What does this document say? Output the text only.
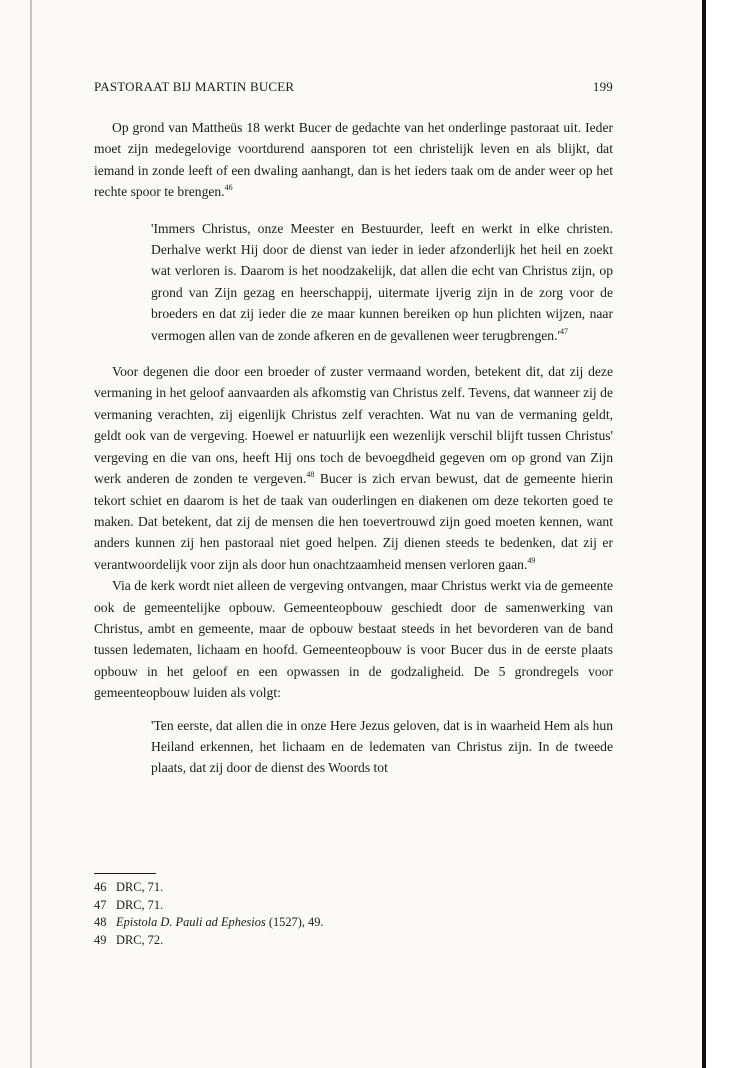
PASTORAAT BIJ MARTIN BUCER	199

Op grond van Mattheüs 18 werkt Bucer de gedachte van het onderlinge pastoraat uit. Ieder moet zijn medegelovige voortdurend aansporen tot een christelijk leven en als blijkt, dat iemand in zonde leeft of een dwaling aanhangt, dan is het ieders taak om de ander weer op het rechte spoor te brengen.$^{46}$

'Immers Christus, onze Meester en Bestuurder, leeft en werkt in elke christen. Derhalve werkt Hij door de dienst van ieder in ieder afzonderlijk het heil en zoekt wat verloren is. Daarom is het noodzakelijk, dat allen die echt van Christus zijn, op grond van Zijn gezag en heerschappij, uitermate ijverig zijn in de zorg voor de broeders en dat zij ieder die ze maar kunnen bereiken op hun plichten wijzen, naar vermogen allen van de zonde afkeren en de gevallenen weer $terugbrengen.'^{47}$

Voor degenen die door een broeder of zuster vermaand worden, betekent dit, dat zij deze vermaning in het geloof aanvaarden als afkomstig van Christus zelf. Tevens, dat wanneer zij de vermaning verachten, zij eigenlijk Christus zelf verachten. Wat nu van de vermaning geldt, geldt ook van de vergeving. Hoewel er natuurlijk een wezenlijk verschil blijft tussen Christus' vergeving en die van ons, heeft Hij ons toch de bevoegdheid gegeven om op grond van Zijn werk anderen de zonden te vergeven.$^{48}$ Bucer is zich ervan bewust, dat de gemeente hierin tekort schiet en daarom is het de taak van ouderlingen en diakenen om deze tekorten goed te maken. Dat betekent, dat zij de mensen die hen toevertrouwd zijn goed moeten kennen, want anders kunnen zij hen pastoraal niet goed helpen. Zij dienen steeds te bedenken, dat zij er verantwoordelijk voor zijn als door hun onachtzaamheid mensen verloren gaan.$^{49}$

Via de kerk wordt niet alleen de vergeving ontvangen, maar Christus werkt via de gemeente ook de gemeentelijke opbouw. Gemeenteopbouw geschiedt door de samenwerking van Christus, ambt en gemeente, maar de opbouw bestaat steeds in het bevorderen van de band tussen ledematen, lichaam en hoofd. Gemeenteopbouw is voor Bucer dus in de eerste plaats opbouw in het geloof en een opwassen in de godzaligheid. De 5 grondregels voor gemeenteopbouw luiden als volgt:

'Ten eerste, dat allen die in onze Here Jezus geloven, dat is in waarheid Hem als hun Heiland erkennen, het lichaam en de ledematen van Christus zijn. In de tweede plaats, dat zij door de dienst des Woords tot
46 DRC, 71.
47 DRC, 71.
48 Epistola D. Pauli ad Ephesios (1527), 49.
49 DRC, 72.
